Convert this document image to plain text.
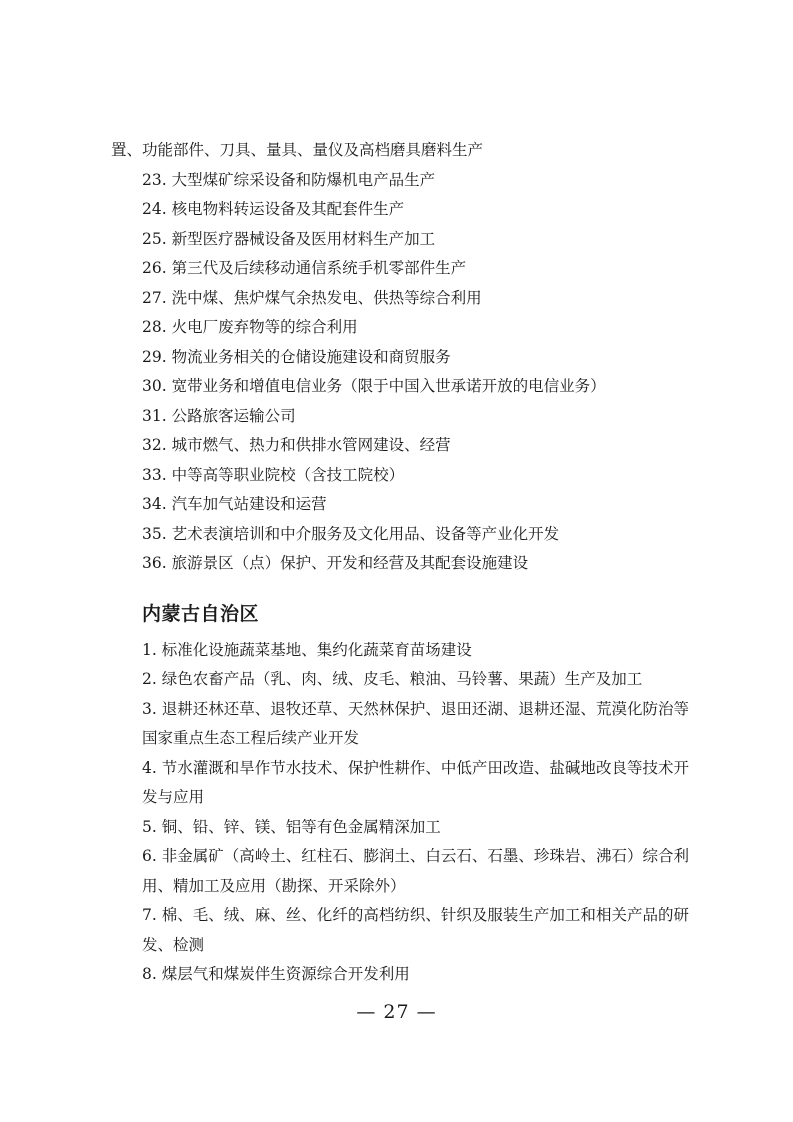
置、功能部件、刀具、量具、量仪及高档磨具磨料生产

23. 大型煤矿综采设备和防爆机电产品生产

24. 核电物料转运设备及其配套件生产

25. 新型医疗器械设备及医用材料生产加工

26. 第三代及后续移动通信系统手机零部件生产

27. 洗中煤、焦炉煤气余热发电、供热等综合利用

28. 火电厂废弃物等的综合利用

29. 物流业务相关的仓储设施建设和商贸服务

30. 宽带业务和增值电信业务（限于中国入世承诺开放的电信业务）

31. 公路旅客运输公司

32. 城市燃气、热力和供排水管网建设、经营

33. 中等高等职业院校（含技工院校）

34. 汽车加气站建设和运营

35. 艺术表演培训和中介服务及文化用品、设备等产业化开发

36. 旅游景区（点）保护、开发和经营及其配套设施建设

内蒙古自治区

1. 标准化设施蔬菜基地、集约化蔬菜育苗场建设

2. 绿色农畜产品（乳、肉、绒、皮毛、粮油、马铃薯、果蔬）生产及加工

3. 退耕还林还草、退牧还草、天然林保护、退田还湖、退耕还湿、荒漠化防治等国家重点生态工程后续产业开发

4. 节水灌溉和旱作节水技术、保护性耕作、中低产田改造、盐碱地改良等技术开发与应用

5. 铜、铅、锌、镁、铝等有色金属精深加工

6. 非金属矿（高岭土、红柱石、膨润土、白云石、石墨、珍珠岩、沸石）综合利用、精加工及应用（勘探、开采除外）

7. 棉、毛、绒、麻、丝、化纤的高档纺织、针织及服装生产加工和相关产品的研发、检测

8. 煤层气和煤炭伴生资源综合开发利用

— 27 —
